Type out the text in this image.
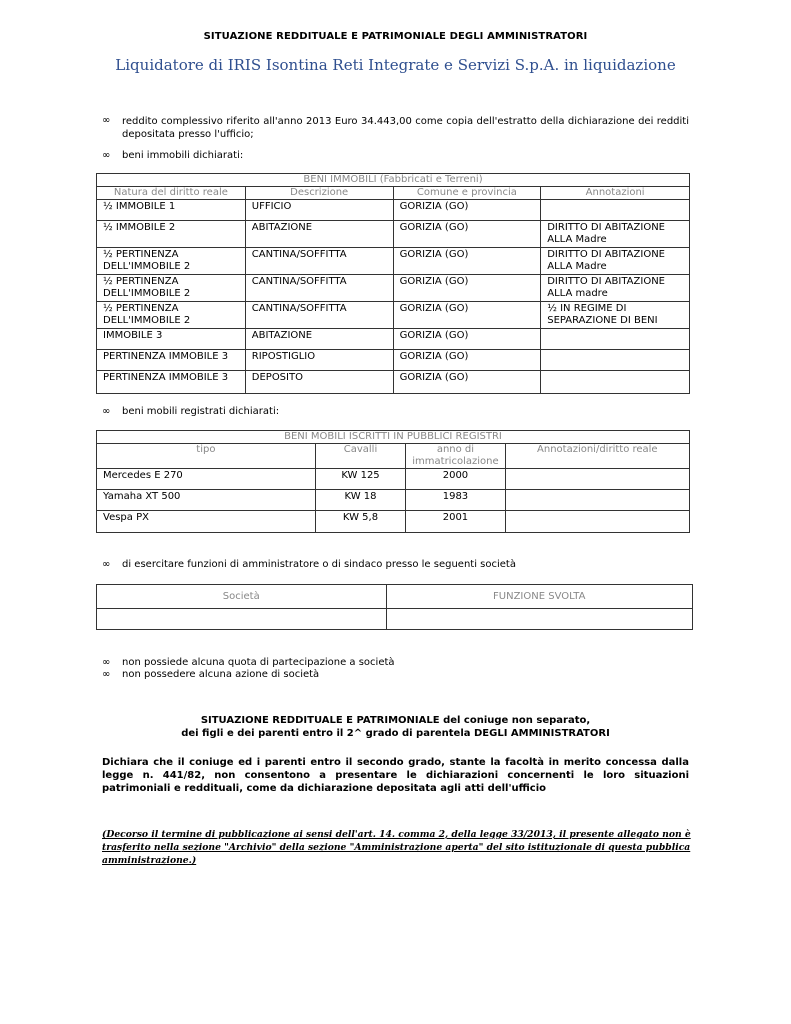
SITUAZIONE REDDITUALE E PATRIMONIALE DEGLI AMMINISTRATORI
Liquidatore di IRIS Isontina Reti Integrate e Servizi S.p.A. in liquidazione
∞	reddito complessivo riferito all'anno 2013 Euro 34.443,00 come copia dell'estratto della dichiarazione dei redditi depositata presso l'ufficio;
∞	beni immobili dichiarati:
BENI IMMOBILI (Fabbricati e Terreni)			
Natura del diritto reale	Descrizione	Comune e provincia	Annotazioni
½ IMMOBILE 1	UFFICIO	GORIZIA (GO)	
½ IMMOBILE 2	ABITAZIONE	GORIZIA (GO)	DIRITTO DI ABITAZIONE ALLA Madre
½ PERTINENZA DELL'IMMOBILE 2	CANTINA/SOFFITTA	GORIZIA (GO)	DIRITTO DI ABITAZIONE ALLA Madre
½ PERTINENZA DELL'IMMOBILE 2	CANTINA/SOFFITTA	GORIZIA (GO)	DIRITTO DI ABITAZIONE ALLA madre
½ PERTINENZA DELL'IMMOBILE 2	CANTINA/SOFFITTA	GORIZIA (GO)	½ IN REGIME DI SEPARAZIONE DI BENI
IMMOBILE 3	ABITAZIONE	GORIZIA (GO)	
PERTINENZA IMMOBILE 3	RIPOSTIGLIO	GORIZIA (GO)	
PERTINENZA IMMOBILE 3	DEPOSITO	GORIZIA (GO)	
∞	beni mobili registrati dichiarati:
BENI MOBILI ISCRITTI IN PUBBLICI REGISTRI			
tipo	Cavalli	anno di immatricolazione	Annotazioni/diritto reale
Mercedes E 270	KW 125	2000	
Yamaha XT 500	KW 18	1983	
Vespa PX	KW 5,8	2001	
∞	di esercitare funzioni di amministratore o di sindaco presso le seguenti società
Società	FUNZIONE SVOLTA

∞	non possiede alcuna quota di partecipazione a società
∞	non possedere alcuna azione di società
SITUAZIONE REDDITUALE E PATRIMONIALE del coniuge non separato,
dei figli e dei parenti entro il 2^ grado di parentela DEGLI AMMINISTRATORI
Dichiara che il coniuge ed i parenti entro il secondo grado, stante la facoltà in merito concessa dalla legge n. 441/82, non consentono a presentare le dichiarazioni concernenti le loro situazioni patrimoniali e reddituali, come da dichiarazione depositata agli atti dell'ufficio
(Decorso il termine di pubblicazione ai sensi dell'art. 14. comma 2, della legge 33/2013, il presente allegato non è trasferito nella sezione "Archivio" della sezione "Amministrazione aperta" del sito istituzionale di questa pubblica amministrazione.)
